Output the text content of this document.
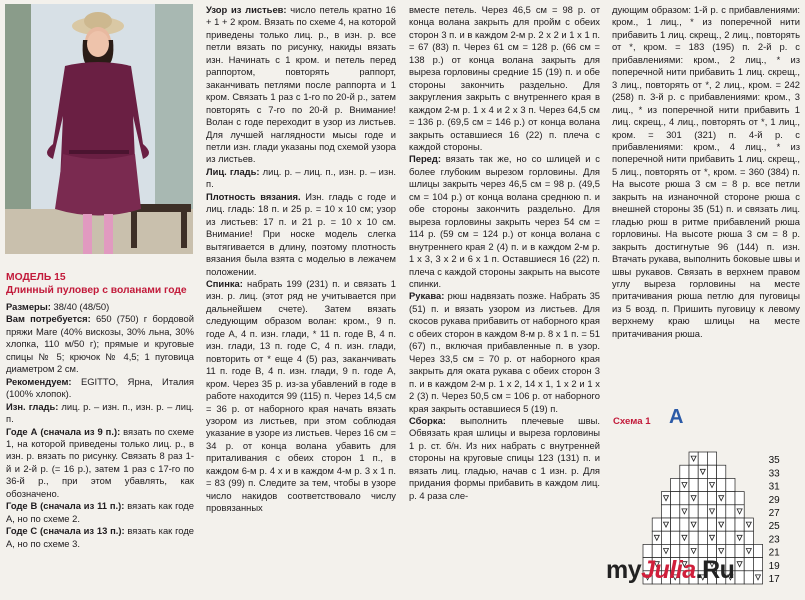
МОДЕЛЬ 15

Длинный пуловер с воланами годе

Размеры: 38/40 (48/50)

Вам потребуется: 650 (750) г бордовой пряжи Mare (40% вискозы, 30% льна, 30% хлопка, 110 м/50 г); прямые и круговые спицы № 5; крючок № 4,5; 1 пуговица диаметром 2 см.

Рекомендуем: EGITTO, Ярна, Италия (100% хлопок).

Изн. гладь: лиц. р. – изн. п., изн. р. – лиц. п.

Годе А (сначала из 9 п.): вязать по схеме 1, на которой приведены только лиц. р., в изн. р. вязать по рисунку. Связать 8 раз 1-й и 2-й р. (= 16 р.), затем 1 раз с 17-го по 36-й р., при этом убавлять, как обозначено.

Годе В (сначала из 11 п.): вязать как годе А, но по схеме 2.

Годе С (сначала из 13 п.): вязать как годе А, но по схеме 3.

Узор из листьев: число петель кратно 16 + 1 + 2 кром. Вязать по схеме 4, на которой приведены только лиц. р., в изн. р. все петли вязать по рисунку, накиды вязать изн. Начинать с 1 кром. и петель перед раппортом, повторять раппорт, заканчивать петлями после раппорта и 1 кром. Связать 1 раз с 1-го по 20-й р., затем повторять с 7-го по 20-й р. Внимание! Волан с годе переходит в узор из листьев. Для лучшей наглядности мысы годе и петли изн. глади указаны под схемой узора из листьев.

Лиц. гладь: лиц. р. – лиц. п., изн. р. – изн. п.

Плотность вязания. Изн. гладь с годе и лиц. гладь: 18 п. и 25 р. = 10 х 10 см; узор из листьев: 17 п. и 21 р. = 10 х 10 см. Внимание! При носке модель слегка вытягивается в длину, поэтому плотность вязания была взята с моделью в лежачем положении.

Спинка: набрать 199 (231) п. и связать 1 изн. р. лиц. (этот ряд не учитывается при дальнейшем счете). Затем вязать следующим образом волан: кром., 9 п. годе А, 4 п. изн. глади, * 11 п. годе В, 4 п. изн. глади, 13 п. годе С, 4 п. изн. глади, повторить от * еще 4 (5) раз, заканчивать 11 п. годе В, 4 п. изн. глади, 9 п. годе А, кром. Через 35 р. из-за убавлений в годе в работе находится 99 (115) п. Через 14,5 см = 36 р. от наборного края начать вязать узором из листьев, при этом соблюдая указание в узоре из листьев. Через 16 см = 34 р. от конца волана убавить для приталивания с обеих сторон 1 п., в каждом 6-м р. 4 х и в каждом 4-м р. 3 х 1 п. = 83 (99) п. Следите за тем, чтобы в узоре число накидов соответствовало числу провязанных

вместе петель. Через 46,5 см = 98 р. от конца волана закрыть для пройм с обеих сторон 3 п. и в каждом 2-м р. 2 х 2 и 1 х 1 п. = 67 (83) п. Через 61 см = 128 р. (66 см = 138 р.) от конца волана закрыть для выреза горловины средние 15 (19) п. и обе стороны закончить раздельно. Для закругления закрыть с внутреннего края в каждом 2-м р. 1 х 4 и 2 х 3 п. Через 64,5 см = 136 р. (69,5 см = 146 р.) от конца волана закрыть оставшиеся 16 (22) п. плеча с каждой стороны.

Перед: вязать так же, но со шлицей и с более глубоким вырезом горловины. Для шлицы закрыть через 46,5 см = 98 р. (49,5 см = 104 р.) от конца волана среднюю п. и обе стороны закончить раздельно. Для выреза горловины закрыть через 54 см = 114 р. (59 см = 124 р.) от конца волана с внутреннего края 2 (4) п. и в каждом 2-м р. 1 х 3, 3 х 2 и 6 х 1 п. Оставшиеся 16 (22) п. плеча с каждой стороны закрыть на высоте спинки.

Рукава: рюш надвязать позже. Набрать 35 (51) п. и вязать узором из листьев. Для скосов рукава прибавить от наборного края с обеих сторон в каждом 8-м р. 8 х 1 п. = 51 (67) п., включая прибавленные п. в узор. Через 33,5 см = 70 р. от наборного края закрыть для оката рукава с обеих сторон 3 п. и в каждом 2-м р. 1 х 2, 14 х 1, 1 х 2 и 1 х 2 (3) п. Через 50,5 см = 106 р. от наборного края закрыть оставшиеся 5 (19) п.

Сборка: выполнить плечевые швы. Обвязать края шлицы и выреза горловины 1 р. ст. б/н. Из них набрать с внутренней стороны на круговые спицы 123 (131) п. и вязать лиц. гладью, начав с 1 изн. р. Для придания формы прибавить в каждом лиц. р. 4 раза сле-

дующим образом: 1-й р. с прибавлениями: кром., 1 лиц., * из поперечной нити прибавить 1 лиц. скрещ., 2 лиц., повторять от *, кром. = 183 (195) п. 2-й р. с прибавлениями: кром., 2 лиц., * из поперечной нити прибавить 1 лиц. скрещ., 3 лиц., повторять от *, 2 лиц., кром. = 242 (258) п. 3-й р. с прибавлениями: кром., 3 лиц., * из поперечной нити прибавить 1 лиц. скрещ., 4 лиц., повторять от *, 1 лиц., кром. = 301 (321) п. 4-й р. с прибавлениями: кром., 4 лиц., * из поперечной нити прибавить 1 лиц. скрещ., 5 лиц., повторять от *, кром. = 360 (384) п. На высоте рюша 3 см = 8 р. все петли закрыть на изнаночной стороне рюша с внешней стороны 35 (51) п. и связать лиц. гладью рюш в ритме прибавлений рюша горловины. На высоте рюша 3 см = 8 р. закрыть достигнутые 96 (144) п. изн. Втачать рукава, выполнить боковые швы и швы рукавов. Связать в верхнем правом углу выреза горловины на месте притачивания рюша петлю для пуговицы из 5 возд. п. Пришить пуговицу к левому верхнему краю шлицы на месте притачивания рюша.

А
Схема 1
35
33
31
29
27
25
23
21
19
17
myJulia.Ru
